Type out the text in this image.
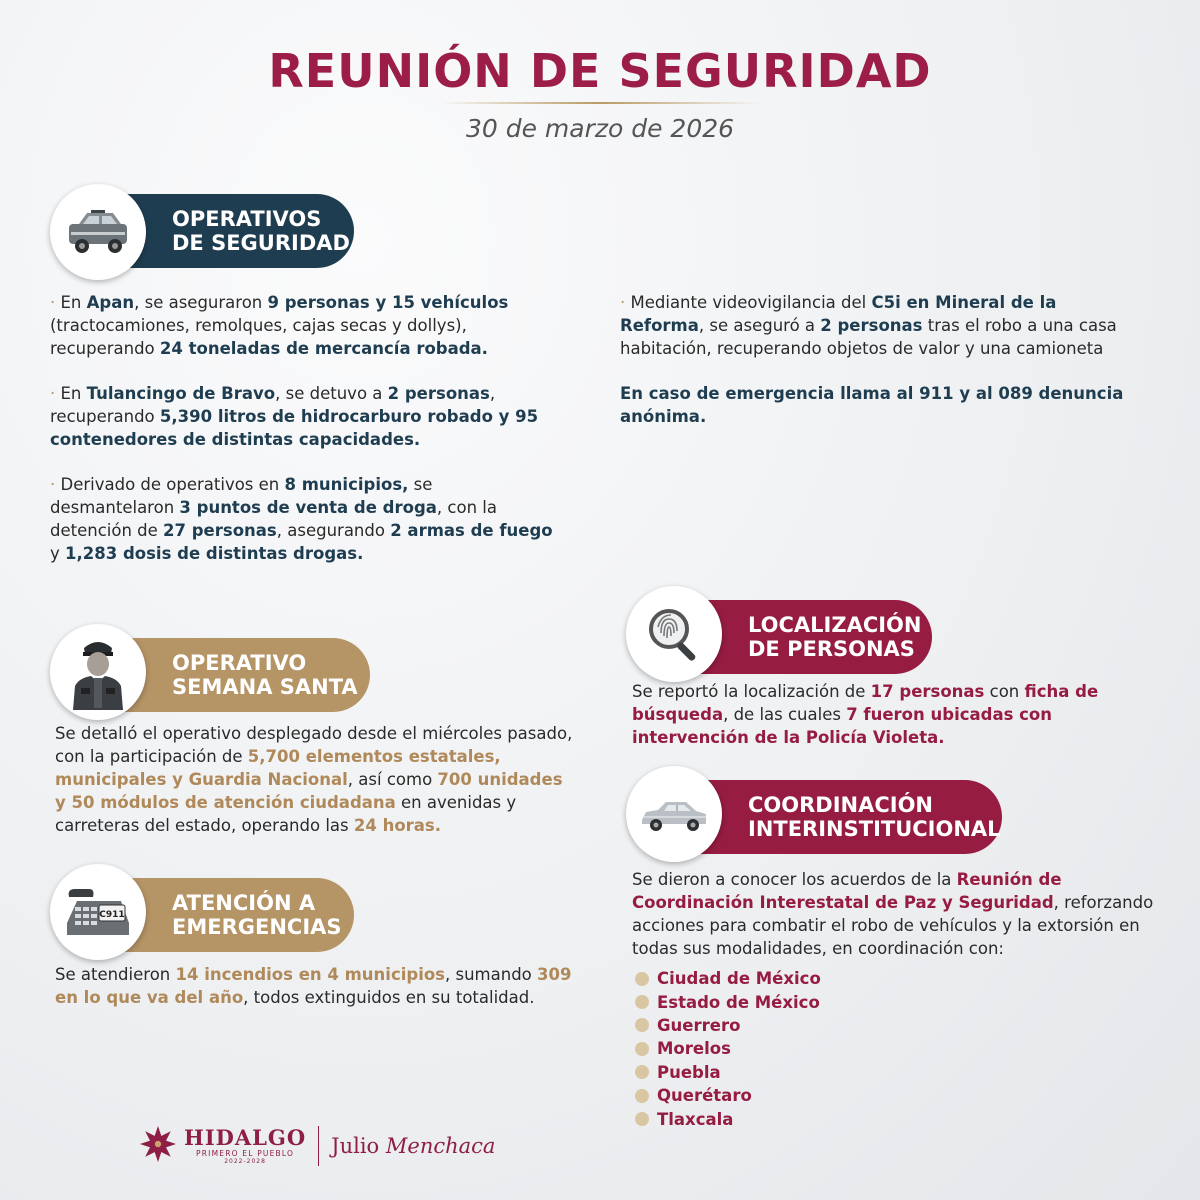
REUNIÓN DE SEGURIDAD
30 de marzo de 2026
OPERATIVOS
DE SEGURIDAD

· En Apan, se aseguraron 9 personas y 15 vehículos (tractocamiones, remolques, cajas secas y dollys), recuperando 24 toneladas de mercancía robada.

· En Tulancingo de Bravo, se detuvo a 2 personas, recuperando 5,390 litros de hidrocarburo robado y 95 contenedores de distintas capacidades.

· Derivado de operativos en 8 municipios, se desmantelaron 3 puntos de venta de droga, con la detención de 27 personas, asegurando 2 armas de fuego y 1,283 dosis de distintas drogas.

· Mediante videovigilancia del C5i en Mineral de la Reforma, se aseguró a 2 personas tras el robo a una casa habitación, recuperando objetos de valor y una camioneta

En caso de emergencia llama al 911 y al 089 denuncia anónima.

OPERATIVO
SEMANA SANTA
Se detalló el operativo desplegado desde el miércoles pasado, con la participación de 5,700 elementos estatales, municipales y Guardia Nacional, así como 700 unidades y 50 módulos de atención ciudadana en avenidas y carreteras del estado, operando las 24 horas.
ATENCIÓN A
EMERGENCIAS
C911
Se atendieron 14 incendios en 4 municipios, sumando 309 en lo que va del año, todos extinguidos en su totalidad.
LOCALIZACIÓN
DE PERSONAS
Se reportó la localización de 17 personas con ficha de búsqueda, de las cuales 7 fueron ubicadas con intervención de la Policía Violeta.
COORDINACIÓN
INTERINSTITUCIONAL
Se dieron a conocer los acuerdos de la Reunión de Coordinación Interestatal de Paz y Seguridad, reforzando acciones para combatir el robo de vehículos y la extorsión en todas sus modalidades, en coordinación con:
Ciudad de México
Estado de México
Guerrero
Morelos
Puebla
Querétaro
Tlaxcala
HIDALGO
PRIMERO EL PUEBLO
2022-2028
Julio Menchaca
